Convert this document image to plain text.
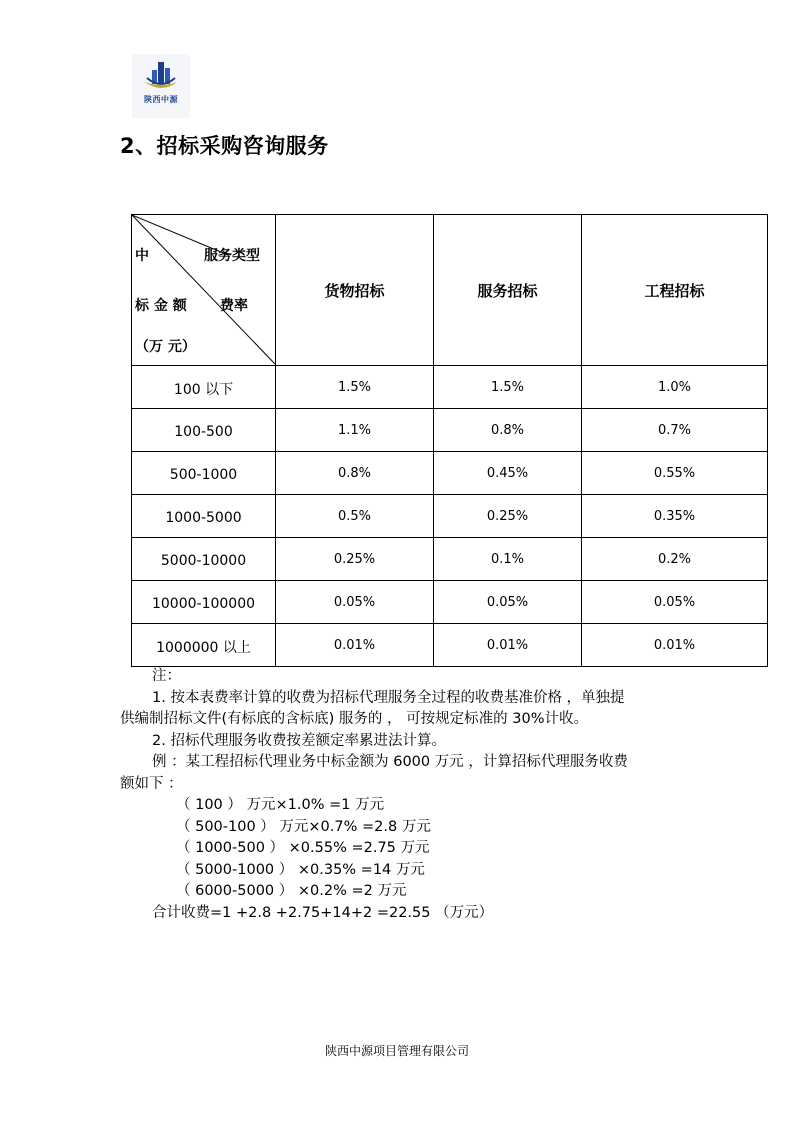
陕西中源
2、招标采购咨询服务
中 服务类型
标 金 额 费率
（万 元）	货物招标	服务招标	工程招标
100 以下	1.5%	1.5%	1.0%
100-500	1.1%	0.8%	0.7%
500-1000	0.8%	0.45%	0.55%
1000-5000	0.5%	0.25%	0.35%
5000-10000	0.25%	0.1%	0.2%
10000-100000	0.05%	0.05%	0.05%
1000000 以上	0.01%	0.01%	0.01%

注：

1. 按本表费率计算的收费为招标代理服务全过程的收费基准价格 ，单独提

供编制招标文件(有标底的含标底) 服务的 ， 可按规定标准的 30%计收。

2. 招标代理服务收费按差额定率累进法计算。

例 ：某工程招标代理业务中标金额为 6000 万元 ，计算招标代理服务收费

额如下 ：

（ 100 ） 万元×1.0% =1 万元

（ 500-100 ） 万元×0.7% =2.8 万元

（ 1000-500 ） ×0.55% =2.75 万元

（ 5000-1000 ） ×0.35% =14 万元

（ 6000-5000 ） ×0.2% =2 万元

合计收费=1 +2.8 +2.75+14+2 =22.55 （万元）

陕西中源项目管理有限公司
